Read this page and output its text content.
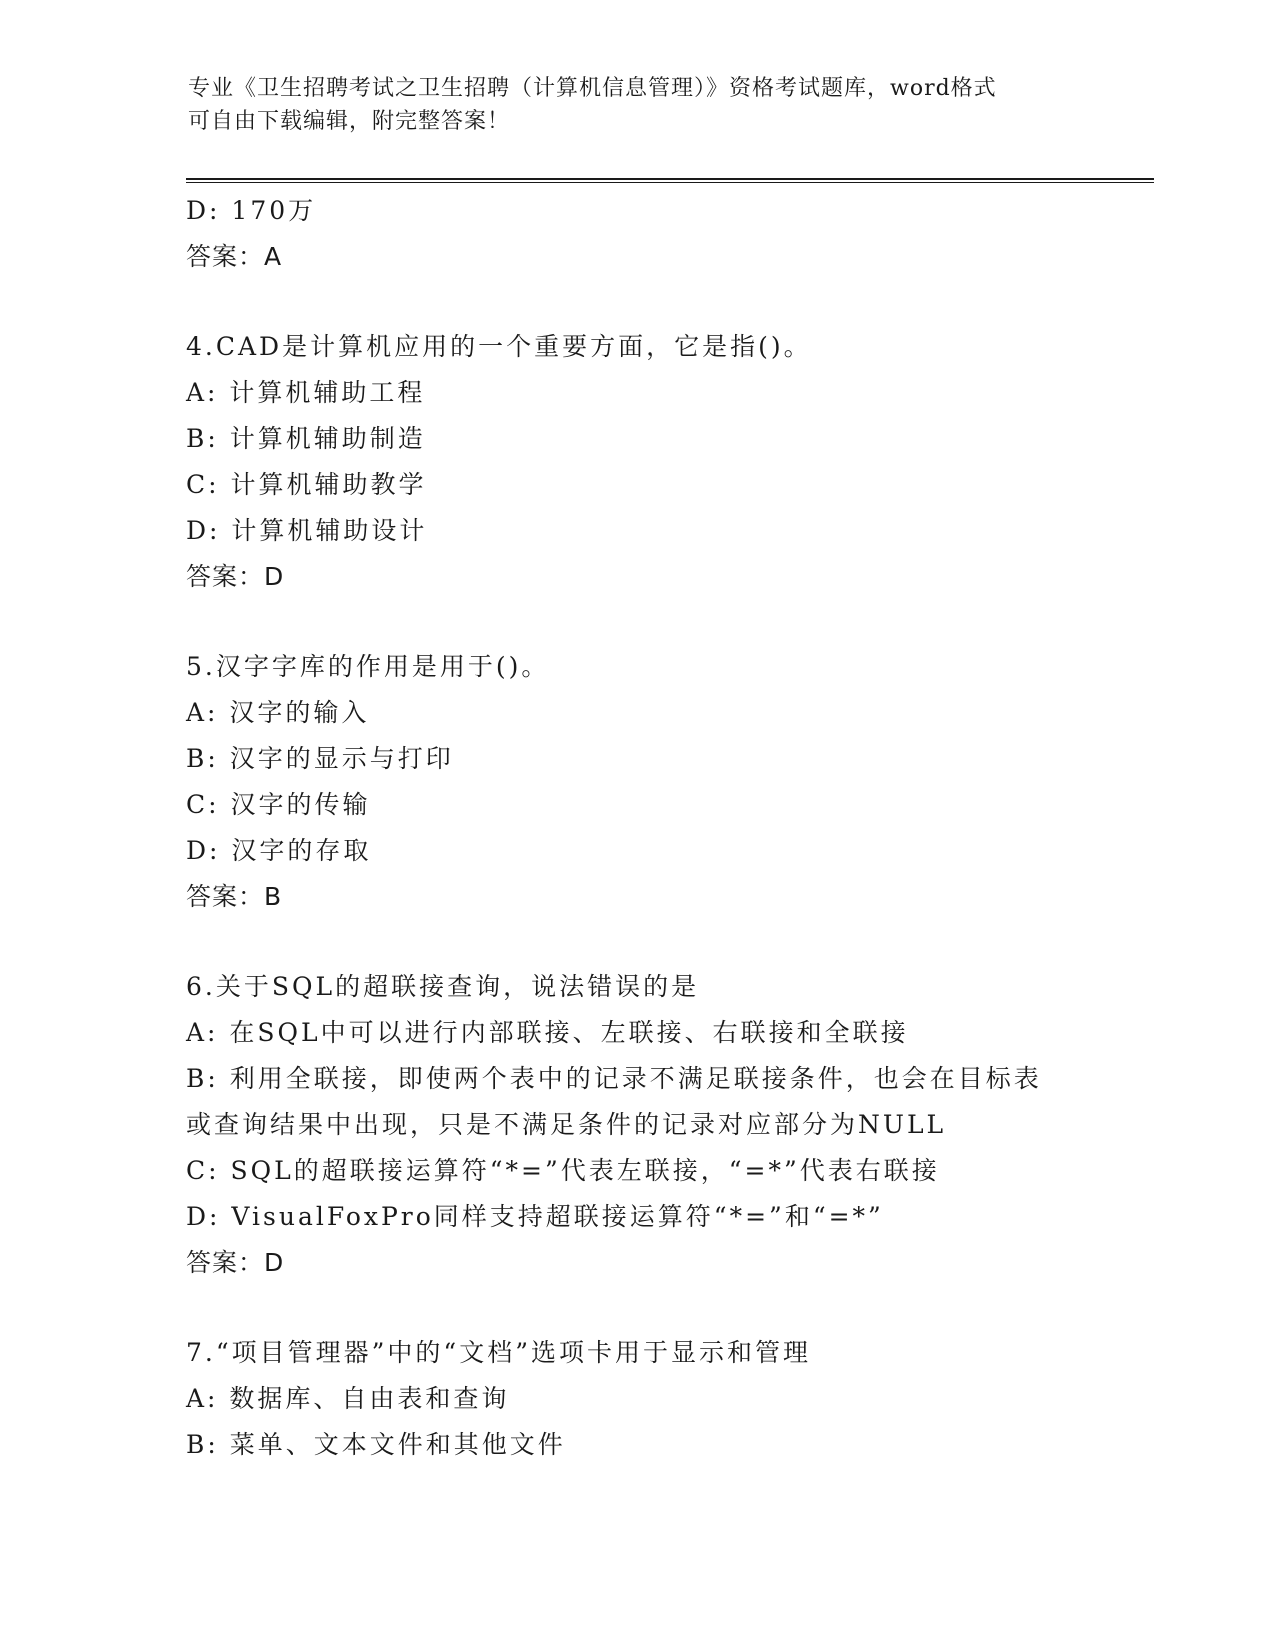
专业《卫生招聘考试之卫生招聘（计算机信息管理）》资格考试题库，word格式
可自由下载编辑，附完整答案！
D: 170万
答案：A
4.CAD是计算机应用的一个重要方面，它是指()。
A: 计算机辅助工程
B: 计算机辅助制造
C: 计算机辅助教学
D: 计算机辅助设计
答案：D
5.汉字字库的作用是用于()。
A: 汉字的输入
B: 汉字的显示与打印
C: 汉字的传输
D: 汉字的存取
答案：B
6.关于SQL的超联接查询，说法错误的是
A: 在SQL中可以进行内部联接、左联接、右联接和全联接
B: 利用全联接，即使两个表中的记录不满足联接条件，也会在目标表
或查询结果中出现，只是不满足条件的记录对应部分为NULL
C: SQL的超联接运算符“*=”代表左联接，“=*”代表右联接
D: VisualFoxPro同样支持超联接运算符“*=”和“=*”
答案：D
7.“项目管理器”中的“文档”选项卡用于显示和管理
A: 数据库、自由表和查询
B: 菜单、文本文件和其他文件
